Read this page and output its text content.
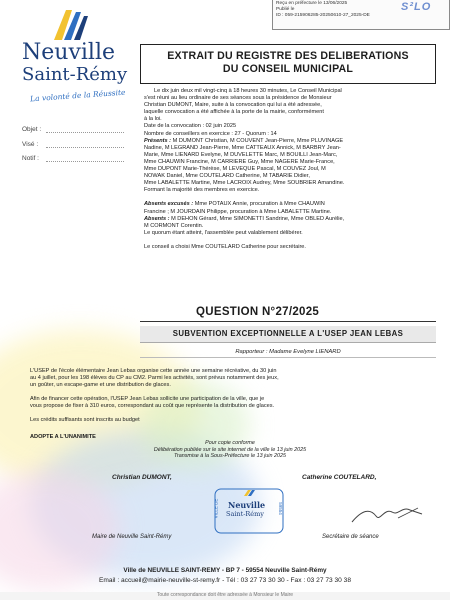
Reçu en préfecture le 13/06/2025
Publié le
ID : 059-215906285-20250610-27_2025-DE
S²LO
Neuville
Saint-Rémy
La volonté de la Réussite
Objet :
Visé :
Notif :
EXTRAIT DU REGISTRE DES DELIBERATIONS
DU CONSEIL MUNICIPAL
Le dix juin deux mil vingt-cinq à 18 heures 30 minutes, Le Conseil Municipal
s'est réuni au lieu ordinaire de ses séances sous la présidence de Monsieur
Christian DUMONT, Maire, suite à la convocation qui lui a été adressée,
laquelle convocation a été affichée à la porte de la mairie, conformément
à la loi.
Date de la convocation : 02 juin 2025
Nombre de conseillers en exercice : 27 - Quorum : 14
Présents : M DUMONT Christian, M COUVENT Jean-Pierre, Mme PLUVINAGE
Nadine, M LEGRAND Jean-Pierre, Mme CATTEAUX Annick, M BARBRY Jean-
Marie, Mme LIENARD Evelyne, M DUVELETTE Marc, M BOUILLI Jean-Marc,
Mme CHAUWIN Francine, M CARRIERE Guy, Mme NAGERE Marie-France,
Mme DUPONT Marie-Thérèse, M LEVEQUE Pascal, M COUVEZ Joul, M
NOWAK Daniel, Mme COUTELARD Catherine, M TABARIE Didier,
Mme LABALETTE Martine, Mme LACROIX Audrey, Mme SOUBRIER Amandine.
Formant la majorité des membres en exercice.
Absents excusés : Mme POTAUX Annie, procuration à Mme CHAUWIN
Francine ; M JOURDAIN Philippe, procuration à Mme LABALETTE Martine.
Absents : M DEHON Gérard, Mme SIMONETTI Sandrine, Mme OBLED Aurélie,
M CORMONT Corentin.
Le quorum étant atteint, l'assemblée peut valablement délibérer.
Le conseil a choisi Mme COUTELARD Catherine pour secrétaire.
QUESTION N°27/2025
SUBVENTION EXCEPTIONNELLE A L'USEP JEAN LEBAS
Rapporteur : Madame Evelyne LIENARD
L'USEP de l'école élémentaire Jean Lebas organise cette année une semaine récréative, du 30 juin
au 4 juillet, pour les 198 élèves du CP au CM2. Parmi les activités, sont prévus notamment des jeux,
un goûter, un escape-game et une distribution de glaces.
Afin de financer cette opération, l'USEP Jean Lebas sollicite une participation de la ville, que je
vous propose de fixer à 310 euros, correspondant au coût que représente la distribution de glaces.
Les crédits suffisants sont inscrits au budget
ADOPTE A L'UNANIMITE
Pour copie conforme
Délibération publiée sur le site internet de la ville le 13 juin 2025
Transmise à la Sous-Préfecture le 13 juin 2025
Christian DUMONT,
Maire de Neuville Saint-Rémy
Catherine COUTELARD,
Secrétaire de séance
Neuville
Saint-Rémy
VILLE DE	59554
Ville de NEUVILLE SAINT-REMY - BP 7 - 59554 Neuville Saint-Rémy
Email : accueil@mairie-neuville-st-remy.fr - Tél : 03 27 73 30 30 - Fax : 03 27 73 30 38
Toute correspondance doit être adressée à Monsieur le Maire
